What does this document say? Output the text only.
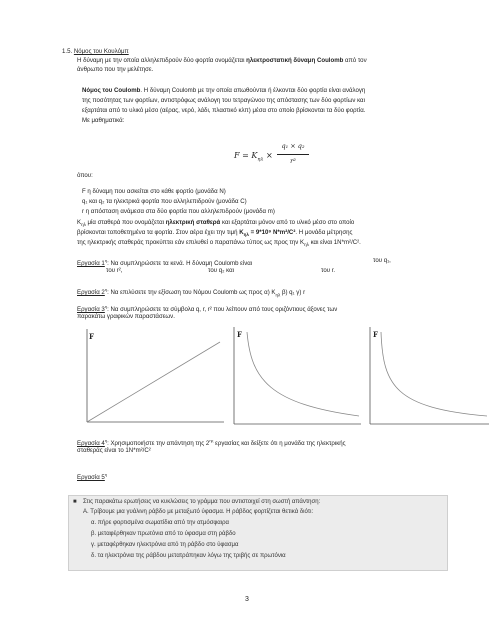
1.5. Νόμος του Κουλόμπ
Η δύναμη με την οποία αλληλεπιδρούν δύο φορτία ονομάζεται ηλεκτροστατική δύναμη Coulomb από τον
άνθρωπο που την μελέτησε.
Νόμος του Coulomb. Η δύναμη Coulomb με την οποία απωθούνται ή έλκονται δύο φορτία είναι ανάλογη
της ποσότητας των φορτίων, αντιστρόφως ανάλογη του τετραγώνου της απόστασης των δύο φορτίων και
εξαρτάται από το υλικό μέσο (αέρας, νερό, λάδι, πλαστικό κλπ) μέσα στο οποίο βρίσκονται τα δύο φορτία.
Με μαθηματικά:
$F = K_{\eta\lambda}$ ×
q₁ × q₂
r²
όπου:
F η δύναμη που ασκείται στο κάθε φορτίο (μονάδα Ν)
q₁ και q₂ τα ηλεκτρικά φορτία που αλληλεπιδρούν (μονάδα C)
r η απόσταση ανάμεσα στα δύο φορτία που αλληλεπιδρούν (μονάδα m)
$K_{\eta\lambda}$ μία σταθερά που ονομάζεται ηλεκτρική σταθερά και εξαρτάται μόνον από το υλικό μέσο στο οποίο
βρίσκονται τοποθετημένα τα φορτία. Στον αέρα έχει την τιμή $K_{\eta\lambda} = 9*10^9$ Ν*m²/C². Η μονάδα μέτρησης
της ηλεκτρικής σταθεράς προκύπτει εάν επιλυθεί ο παραπάνω τύπος ως προς την $K_{\eta\lambda}$ και είναι 1Ν*m²/C².
Εργασία $1^\eta$: Να συμπληρώσετε τα κενά. Η δύναμη Coulomb είναι	του q₁,
του r²,	του q₂ και	του r.
Εργασία $2^\eta$: Να επιλύσετε την εξίσωση του Νόμου Coulomb ως προς α) $K_{\eta\lambda}$ β) q₁ γ) r
Εργασία $3^\eta$: Να συμπληρώσετε τα σύμβολα q, r, r² που λείπουν από τους οριζόντιους άξονες των
παρακάτω γραφικών παραστάσεων.
F	F	F
Εργασία $4^\eta$: Χρησιμοποιήστε την απάντηση της $2^{\eta\varsigma}$ εργασίας και δείξετε ότι η μονάδα της ηλεκτρικής
σταθεράς είναι το 1Ν*m²/C²
Εργασία $5^\eta$
■ Στις παρακάτω ερωτήσεις να κυκλώσεις το γράμμα που αντιστοιχεί στη σωστή απάντηση:
Α. Τρίβουμε μια γυάλινη ράβδο με μεταξωτό ύφασμα. Η ράβδος φορτίζεται θετικά διότι:
α. πήρε φορτισμένα σωματίδια από την ατμόσφαιρα
β. μεταφέρθηκαν πρωτόνια από το ύφασμα στη ράβδο
γ. μεταφέρθηκαν ηλεκτρόνια από τη ράβδο στο ύφασμα
δ. τα ηλεκτρόνια της ράβδου μετατράπηκαν λόγω της τριβής σε πρωτόνια
3
